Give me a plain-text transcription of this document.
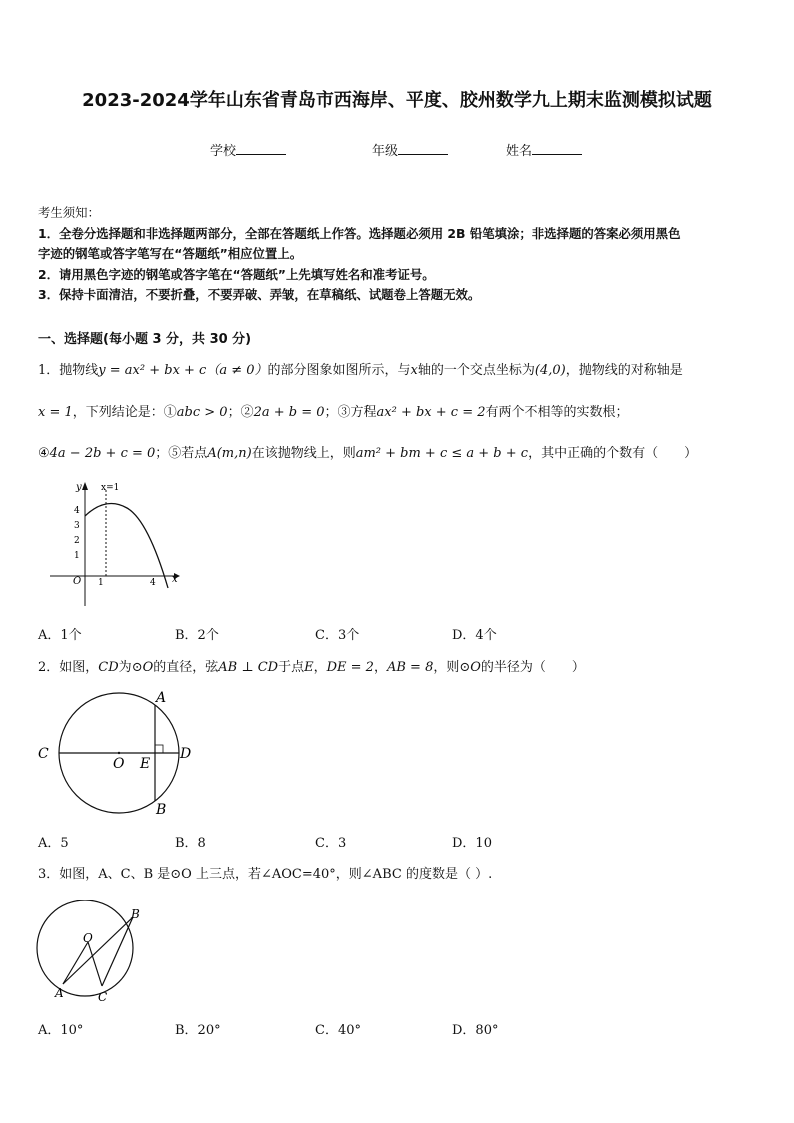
2023-2024学年山东省青岛市西海岸、平度、胶州数学九上期末监测模拟试题
学校	年级	姓名
考生须知：
1．全卷分选择题和非选择题两部分，全部在答题纸上作答。选择题必须用 2B 铅笔填涂；非选择题的答案必须用黑色
字迹的钢笔或答字笔写在“答题纸”相应位置上。
2．请用黑色字迹的钢笔或答字笔在“答题纸”上先填写姓名和准考证号。
3．保持卡面清洁，不要折叠，不要弄破、弄皱，在草稿纸、试题卷上答题无效。
一、选择题(每小题 3 分，共 30 分)
1．抛物线y = ax² + bx + c（a ≠ 0）的部分图象如图所示，与x轴的一个交点坐标为(4,0)，抛物线的对称轴是
x = 1，下列结论是：①abc > 0；②2a + b = 0；③方程ax² + bx + c = 2有两个不相等的实数根；
④4a − 2b + c = 0；⑤若点A(m,n)在该抛物线上，则am² + bm + c ≤ a + b + c，其中正确的个数有（　　）
y
x
x=1
O 1	4
4
3
2
1
A．1个	B．2个	C．3个	D．4个
2．如图，CD为⊙O的直径，弦AB ⊥ CD于点E，DE = 2，AB = 8，则⊙O的半径为（　　）
A
B
C	D
O E
A．5	B．8	C．3	D．10
3．如图，A、C、B 是⊙O 上三点，若∠AOC=40°，则∠ABC 的度数是（ ）.
O
A
B
C
A．10°	B．20°	C．40°	D．80°
